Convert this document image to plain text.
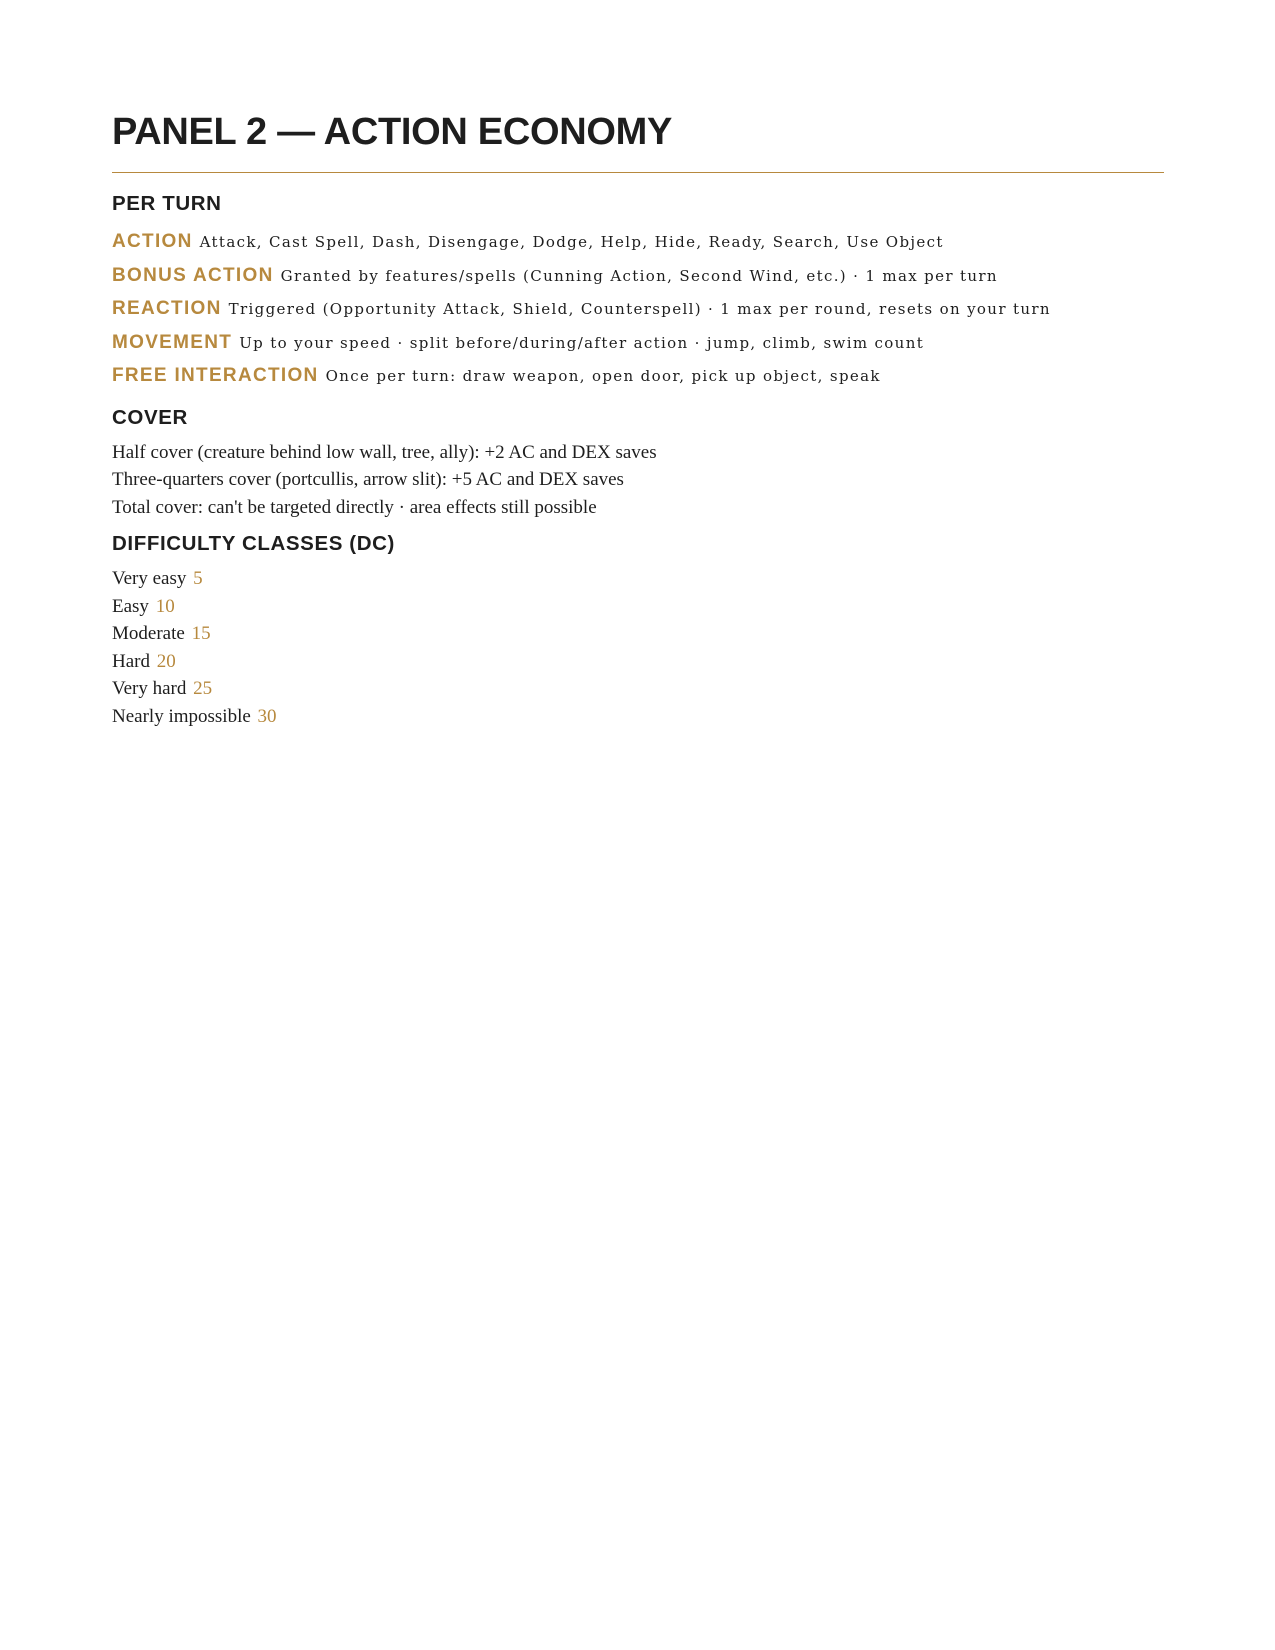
PANEL 2 — ACTION ECONOMY
PER TURN
ACTION Attack, Cast Spell, Dash, Disengage, Dodge, Help, Hide, Ready, Search, Use Object
BONUS ACTION Granted by features/spells (Cunning Action, Second Wind, etc.) · 1 max per turn
REACTION Triggered (Opportunity Attack, Shield, Counterspell) · 1 max per round, resets on your turn
MOVEMENT Up to your speed · split before/during/after action · jump, climb, swim count
FREE INTERACTION Once per turn: draw weapon, open door, pick up object, speak
COVER
Half cover (creature behind low wall, tree, ally): +2 AC and DEX saves
Three-quarters cover (portcullis, arrow slit): +5 AC and DEX saves
Total cover: can't be targeted directly · area effects still possible
DIFFICULTY CLASSES (DC)
Very easy 5
Easy 10
Moderate 15
Hard 20
Very hard 25
Nearly impossible 30
